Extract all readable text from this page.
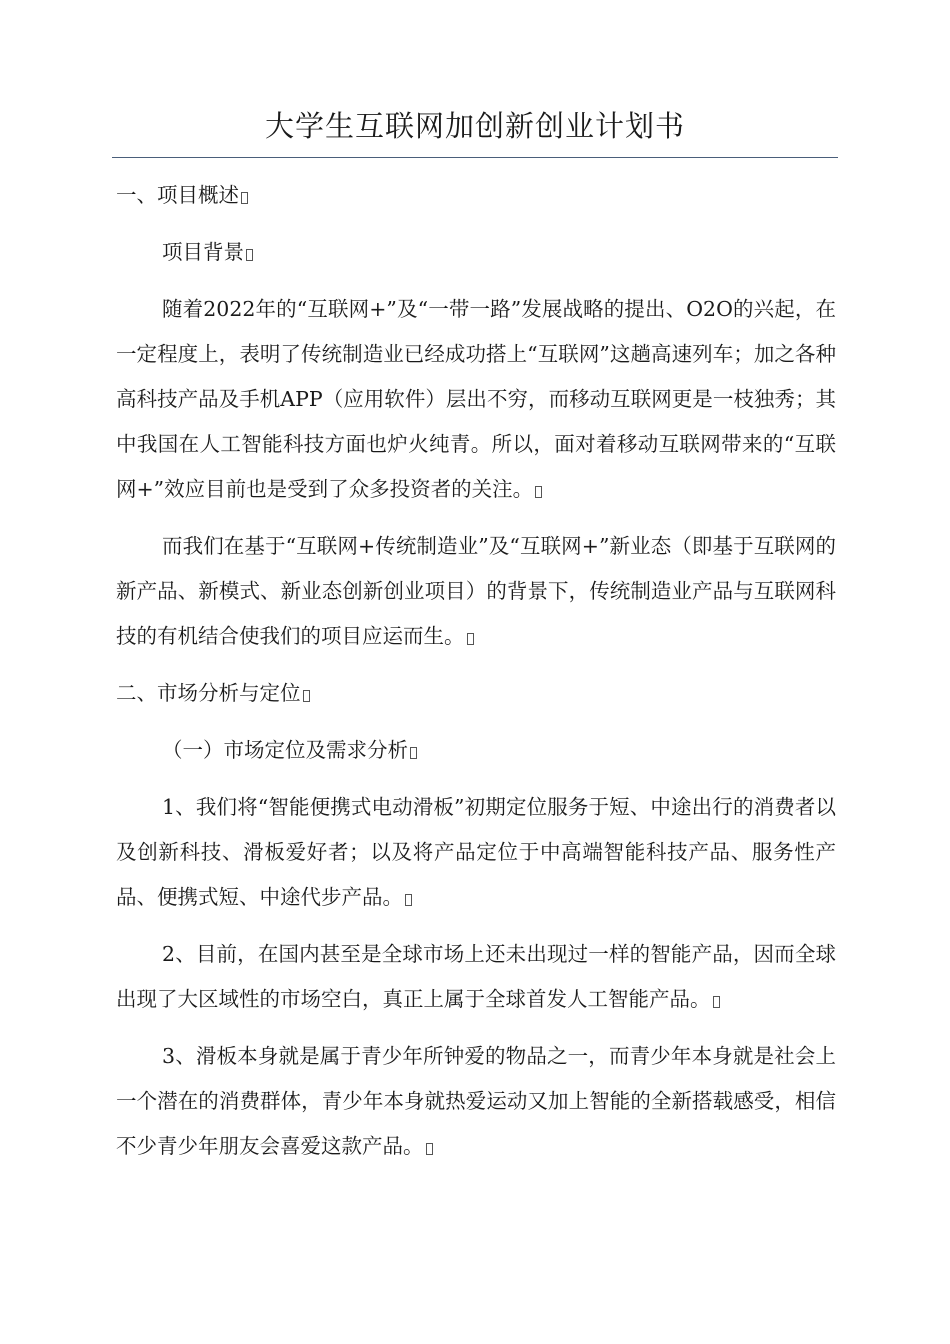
大学生互联网加创新创业计划书

一、项目概述

项目背景

随着2022年的“互联网+”及“一带一路”发展战略的提出、O2O的兴起，在一定程度上，表明了传统制造业已经成功搭上“互联网”这趟高速列车；加之各种高科技产品及手机APP（应用软件）层出不穷，而移动互联网更是一枝独秀；其中我国在人工智能科技方面也炉火纯青。所以，面对着移动互联网带来的“互联网+”效应目前也是受到了众多投资者的关注。

而我们在基于“互联网+传统制造业”及“互联网+”新业态（即基于互联网的新产品、新模式、新业态创新创业项目）的背景下，传统制造业产品与互联网科技的有机结合使我们的项目应运而生。

二、市场分析与定位

（一）市场定位及需求分析

1、我们将“智能便携式电动滑板”初期定位服务于短、中途出行的消费者以及创新科技、滑板爱好者；以及将产品定位于中高端智能科技产品、服务性产品、便携式短、中途代步产品。

2、目前，在国内甚至是全球市场上还未出现过一样的智能产品，因而全球出现了大区域性的市场空白，真正上属于全球首发人工智能产品。

3、滑板本身就是属于青少年所钟爱的物品之一，而青少年本身就是社会上一个潜在的消费群体，青少年本身就热爱运动又加上智能的全新搭载感受，相信不少青少年朋友会喜爱这款产品。
